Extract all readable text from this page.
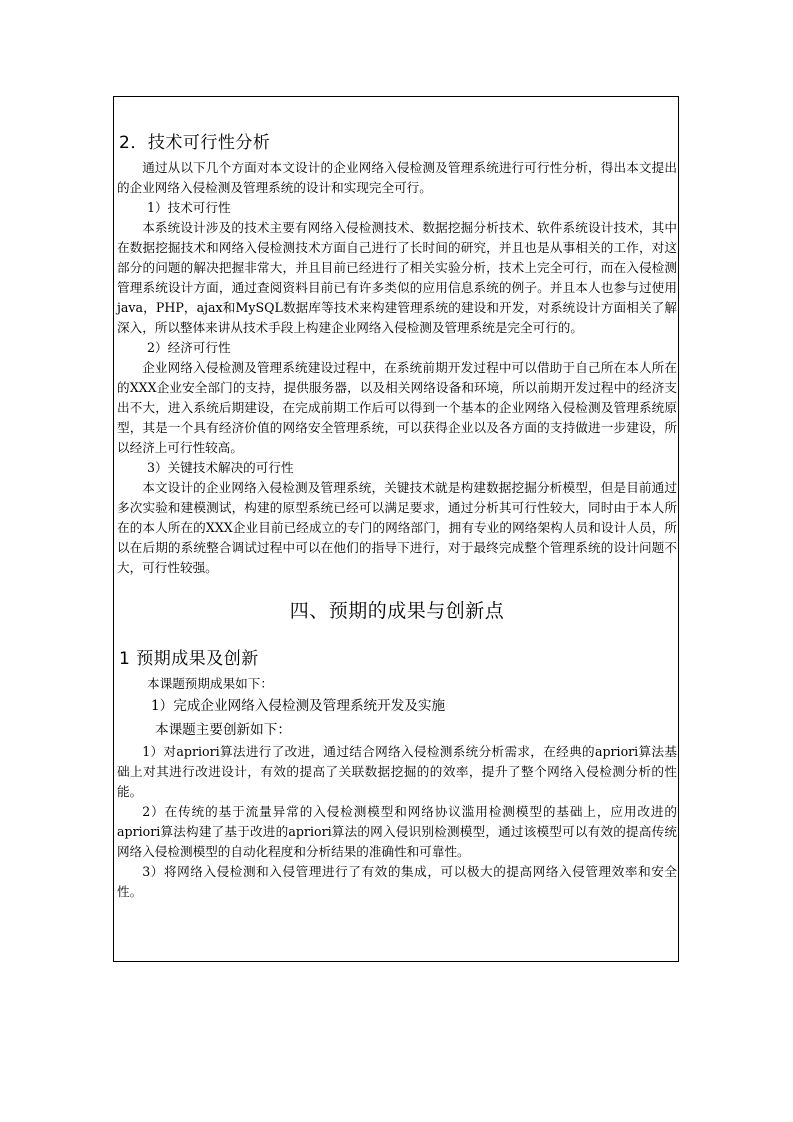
2．技术可行性分析

通过从以下几个方面对本文设计的企业网络入侵检测及管理系统进行可行性分析，得出本文提出的企业网络入侵检测及管理系统的设计和实现完全可行。

1）技术可行性

本系统设计涉及的技术主要有网络入侵检测技术、数据挖掘分析技术、软件系统设计技术，其中在数据挖掘技术和网络入侵检测技术方面自己进行了长时间的研究，并且也是从事相关的工作，对这部分的问题的解决把握非常大，并且目前已经进行了相关实验分析，技术上完全可行，而在入侵检测管理系统设计方面，通过查阅资料目前已有许多类似的应用信息系统的例子。并且本人也参与过使用java，PHP，ajax和MySQL数据库等技术来构建管理系统的建设和开发，对系统设计方面相关了解深入，所以整体来讲从技术手段上构建企业网络入侵检测及管理系统是完全可行的。

2）经济可行性

企业网络入侵检测及管理系统建设过程中，在系统前期开发过程中可以借助于自己所在本人所在的XXX企业安全部门的支持，提供服务器，以及相关网络设备和环境，所以前期开发过程中的经济支出不大，进入系统后期建设，在完成前期工作后可以得到一个基本的企业网络入侵检测及管理系统原型，其是一个具有经济价值的网络安全管理系统，可以获得企业以及各方面的支持做进一步建设，所以经济上可行性较高。

3）关键技术解决的可行性

本文设计的企业网络入侵检测及管理系统，关键技术就是构建数据挖掘分析模型，但是目前通过多次实验和建模测试，构建的原型系统已经可以满足要求，通过分析其可行性较大，同时由于本人所在的本人所在的XXX企业目前已经成立的专门的网络部门，拥有专业的网络架构人员和设计人员，所以在后期的系统整合调试过程中可以在他们的指导下进行，对于最终完成整个管理系统的设计问题不大，可行性较强。

四、预期的成果与创新点
1 预期成果及创新
本课题预期成果如下：
1）完成企业网络入侵检测及管理系统开发及实施
本课题主要创新如下：

1）对apriori算法进行了改进，通过结合网络入侵检测系统分析需求，在经典的apriori算法基础上对其进行改进设计，有效的提高了关联数据挖掘的的效率，提升了整个网络入侵检测分析的性能。

2）在传统的基于流量异常的入侵检测模型和网络协议滥用检测模型的基础上，应用改进的apriori算法构建了基于改进的apriori算法的网入侵识别检测模型，通过该模型可以有效的提高传统网络入侵检测模型的自动化程度和分析结果的准确性和可靠性。

3）将网络入侵检测和入侵管理进行了有效的集成，可以极大的提高网络入侵管理效率和安全性。
